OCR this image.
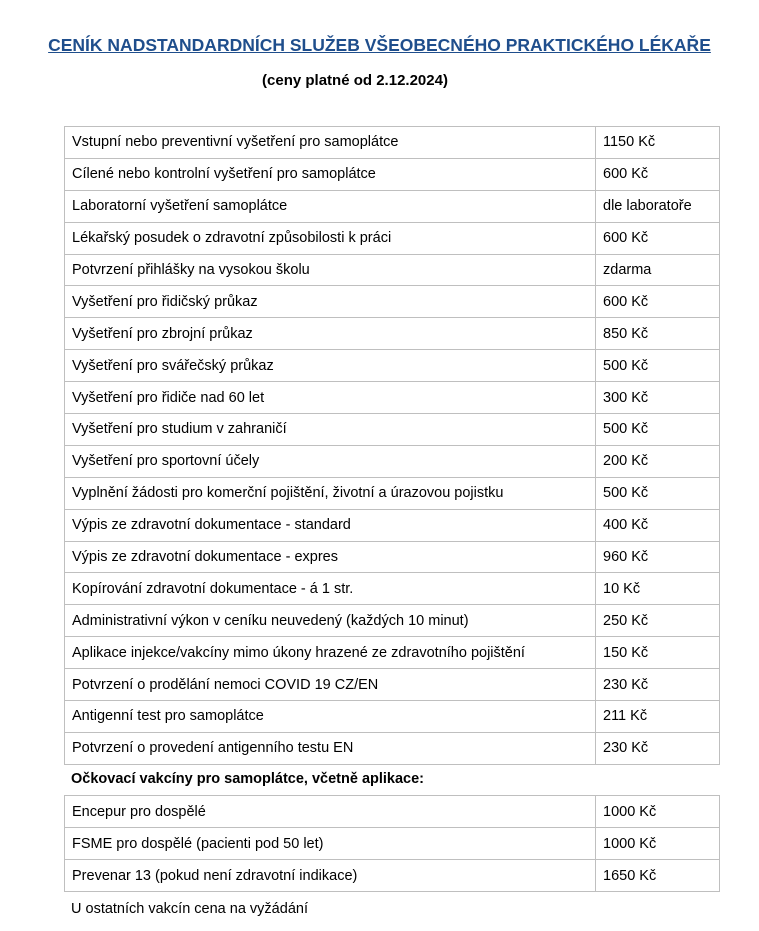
CENÍK NADSTANDARDNÍCH SLUŽEB VŠEOBECNÉHO PRAKTICKÉHO LÉKAŘE
(ceny platné od 2.12.2024)
Vstupní nebo preventivní vyšetření pro samoplátce	1150 Kč
Cílené nebo kontrolní vyšetření pro samoplátce	600 Kč
Laboratorní vyšetření samoplátce	dle laboratoře
Lékařský posudek o zdravotní způsobilosti k práci	600 Kč
Potvrzení přihlášky na vysokou školu	zdarma
Vyšetření pro řidičský průkaz	600 Kč
Vyšetření pro zbrojní průkaz	850 Kč
Vyšetření pro svářečský průkaz	500 Kč
Vyšetření pro řidiče nad 60 let	300 Kč
Vyšetření pro studium v zahraničí	500 Kč
Vyšetření pro sportovní účely	200 Kč
Vyplnění žádosti pro komerční pojištění, životní a úrazovou pojistku	500 Kč
Výpis ze zdravotní dokumentace - standard	400 Kč
Výpis ze zdravotní dokumentace - expres	960 Kč
Kopírování zdravotní dokumentace - á 1 str.	10 Kč
Administrativní výkon v ceníku neuvedený (každých 10 minut)	250 Kč
Aplikace injekce/vakcíny mimo úkony hrazené ze zdravotního pojištění	150 Kč
Potvrzení o prodělání nemoci COVID 19 CZ/EN	230 Kč
Antigenní test pro samoplátce	211 Kč
Potvrzení o provedení antigenního testu EN	230 Kč
Očkovací vakcíny pro samoplátce, včetně aplikace:
Encepur pro dospělé	1000 Kč
FSME pro dospělé (pacienti pod 50 let)	1000 Kč
Prevenar 13 (pokud není zdravotní indikace)	1650 Kč
U ostatních vakcín cena na vyžádání
